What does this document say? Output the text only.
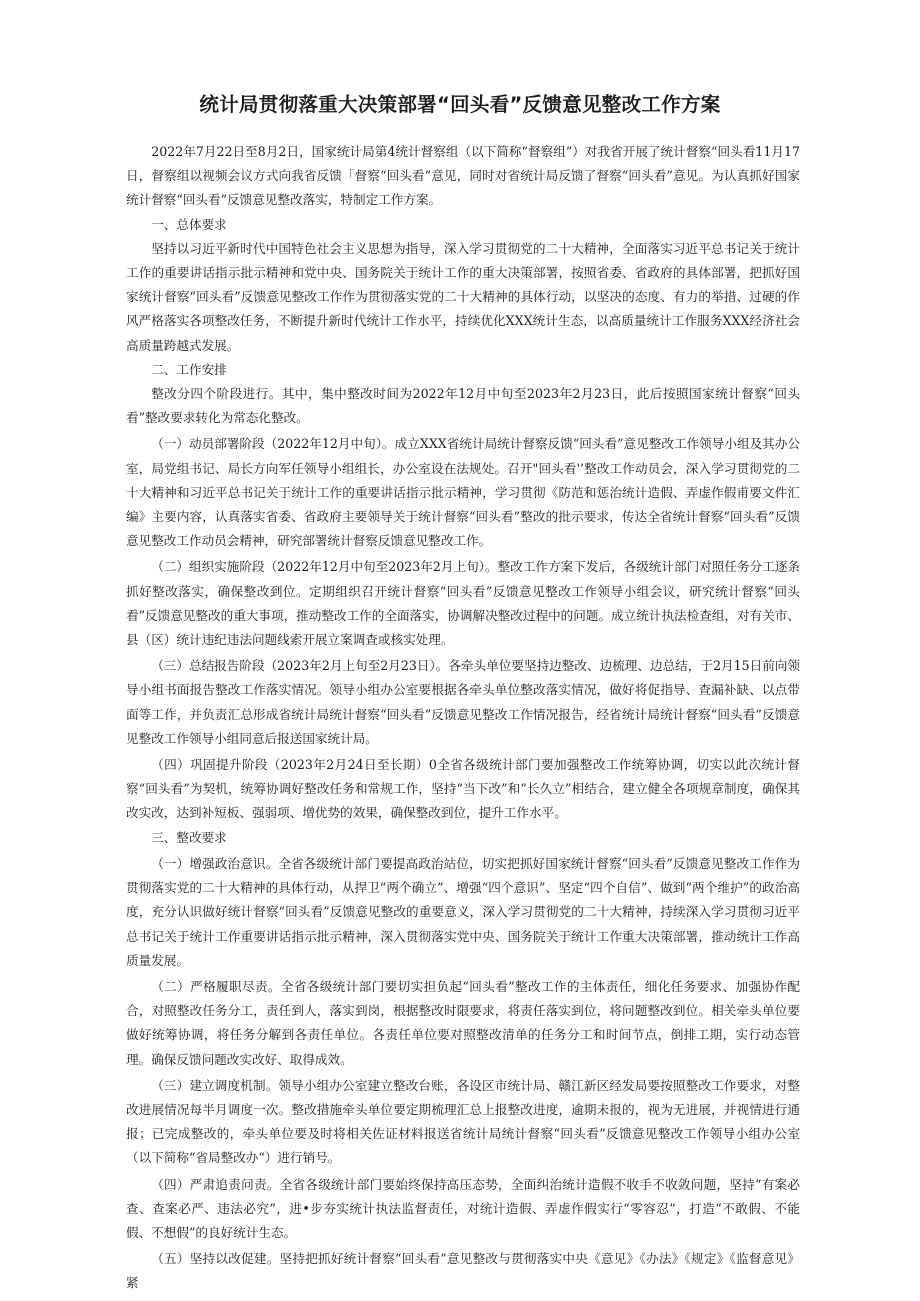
统计局贯彻落重大决策部署“回头看”反馈意见整改工作方案

2022年7月22日至8月2日，国家统计局第4统计督察组（以下简称“督察组”）对我省开展了统计督察“回头看11月17日，督察组以视频会议方式向我省反馈「督察“回头看”意见，同时对省统计局反馈了督察“回头看”意见。为认真抓好国家统计督察“回头看”反馈意见整改落实，特制定工作方案。

一、总体要求

坚持以习近平新时代中国特色社会主义思想为指导，深入学习贯彻党的二十大精神，全面落实习近平总书记关于统计工作的重要讲话指示批示精神和党中央、国务院关于统计工作的重大决策部署，按照省委、省政府的具体部署，把抓好国家统计督察“回头看”反馈意见整改工作作为贯彻落实党的二十大精神的具体行动，以坚决的态度、有力的举措、过硬的作风严格落实各项整改任务，不断提升新时代统计工作水平，持续优化XXX统计生态，以高质量统计工作服务XXX经济社会高质量跨越式发展。

二、工作安排

整改分四个阶段进行。其中，集中整改时间为2022年12月中旬至2023年2月23日，此后按照国家统计督察“回头看”整改要求转化为常态化整改。

（一）动员部署阶段（2022年12月中旬）。成立XXX省统计局统计督察反馈“回头看”意见整改工作领导小组及其办公室，局党组书记、局长方向军任领导小组组长，办公室设在法规处。召开"回头看'’整改工作动员会，深入学习贯彻党的二十大精神和习近平总书记关于统计工作的重要讲话指示批示精神，学习贯彻《防范和惩治统计造假、弄虚作假甫要文件汇编》主要内容，认真落实省委、省政府主要领导关于统计督察“回头看”整改的批示要求，传达全省统计督察“回头看”反馈意见整改工作动员会精神，研究部署统计督察反馈意见整改工作。

（二）组织实施阶段（2022年12月中旬至2023年2月上旬）。整改工作方案下发后，各级统计部门对照任务分工逐条抓好整改落实，确保整改到位。定期组织召开统计督察“回头看”反馈意见整改工作领导小组会议，研究统计督察“回头看”反馈意见整改的重大事项，推动整改工作的全面落实，协调解决整改过程中的问题。成立统计执法检查组，对有关市、县（区）统计违纪违法问题线索开展立案调查或核实处理。

（三）总结报告阶段（2023年2月上旬至2月23日）。各牵头单位要坚持边整改、边梳理、边总结，于2月15日前向领导小组书面报告整改工作落实情况。领导小组办公室要根据各牵头单位整改落实情况，做好将促指导、查漏补缺、以点带面等工作，并负责汇总形成省统计局统计督察“回头看”反馈意见整改工作情况报告，经省统计局统计督察“回头看”反馈意见整改工作领导小组同意后报送国家统计局。

（四）巩固提升阶段（2023年2月24日至长期）0全省各级统计部门要加强整改工作统筹协调，切实以此次统计督察“回头看”为契机，统筹协调好整改任务和常规工作，坚持“当下改”和“长久立”相结合，建立健全各项规章制度，确保其改实改，达到补短板、强弱项、增优势的效果，确保整改到位，提升工作水平。

三、整改要求

（一）增强政治意识。全省各级统计部门要提高政治站位，切实把抓好国家统计督察“回头看”反馈意见整改工作作为贯彻落实党的二十大精神的具体行动，从捍卫“两个确立”、增强“四个意识”、坚定“四个自信”、做到“两个维护”的政治高度，充分认识做好统计督察“回头看”反馈意见整改的重要意义，深入学习贯彻党的二十大精神，持续深入学习贯彻习近平总书记关于统计工作重要讲话指示批示精神，深入贯彻落实党中央、国务院关于统计工作重大决策部署，推动统计工作高质量发展。

（二）严格履职尽责。全省各级统计部门要切实担负起“回头看”整改工作的主体责任，细化任务要求、加强协作配合，对照整改任务分工，责任到人，落实到岗，根据整改时限要求，将责任落实到位，将问题整改到位。相关牵头单位要做好统筹协调，将任务分解到各责任单位。各责任单位要对照整改清单的任务分工和时间节点，倒排工期，实行动态管理。确保反馈问题改实改好、取得成效。

（三）建立调度机制。领导小组办公室建立整改台账，各设区市统计局、赣江新区经发局要按照整改工作要求，对整改进展情况每半月调度一次。整改措施牵头单位要定期梳理汇总上报整改进度，逾期未报的，视为无进展，并视情进行通报；已完成整改的，牵头单位要及时将相关佐证材料报送省统计局统计督察“回头看”反馈意见整改工作领导小组办公室（以下简称“省局整改办“）进行销号。

（四）严肃追责问责。全省各级统计部门要始终保持高压态势，全面纠治统计造假不收手不收敛问题，坚持“有案必查、查案必严、违法必究”，进•步夯实统计执法监督责任，对统计造假、弄虚作假实行“零容忍”，打造“不敢假、不能假、不想假”的良好统计生态。

（五）坚持以改促建。坚持把抓好统计督察“回头看”意见整改与贯彻落实中央《意见》《办法》《规定》《监督意见》紧
